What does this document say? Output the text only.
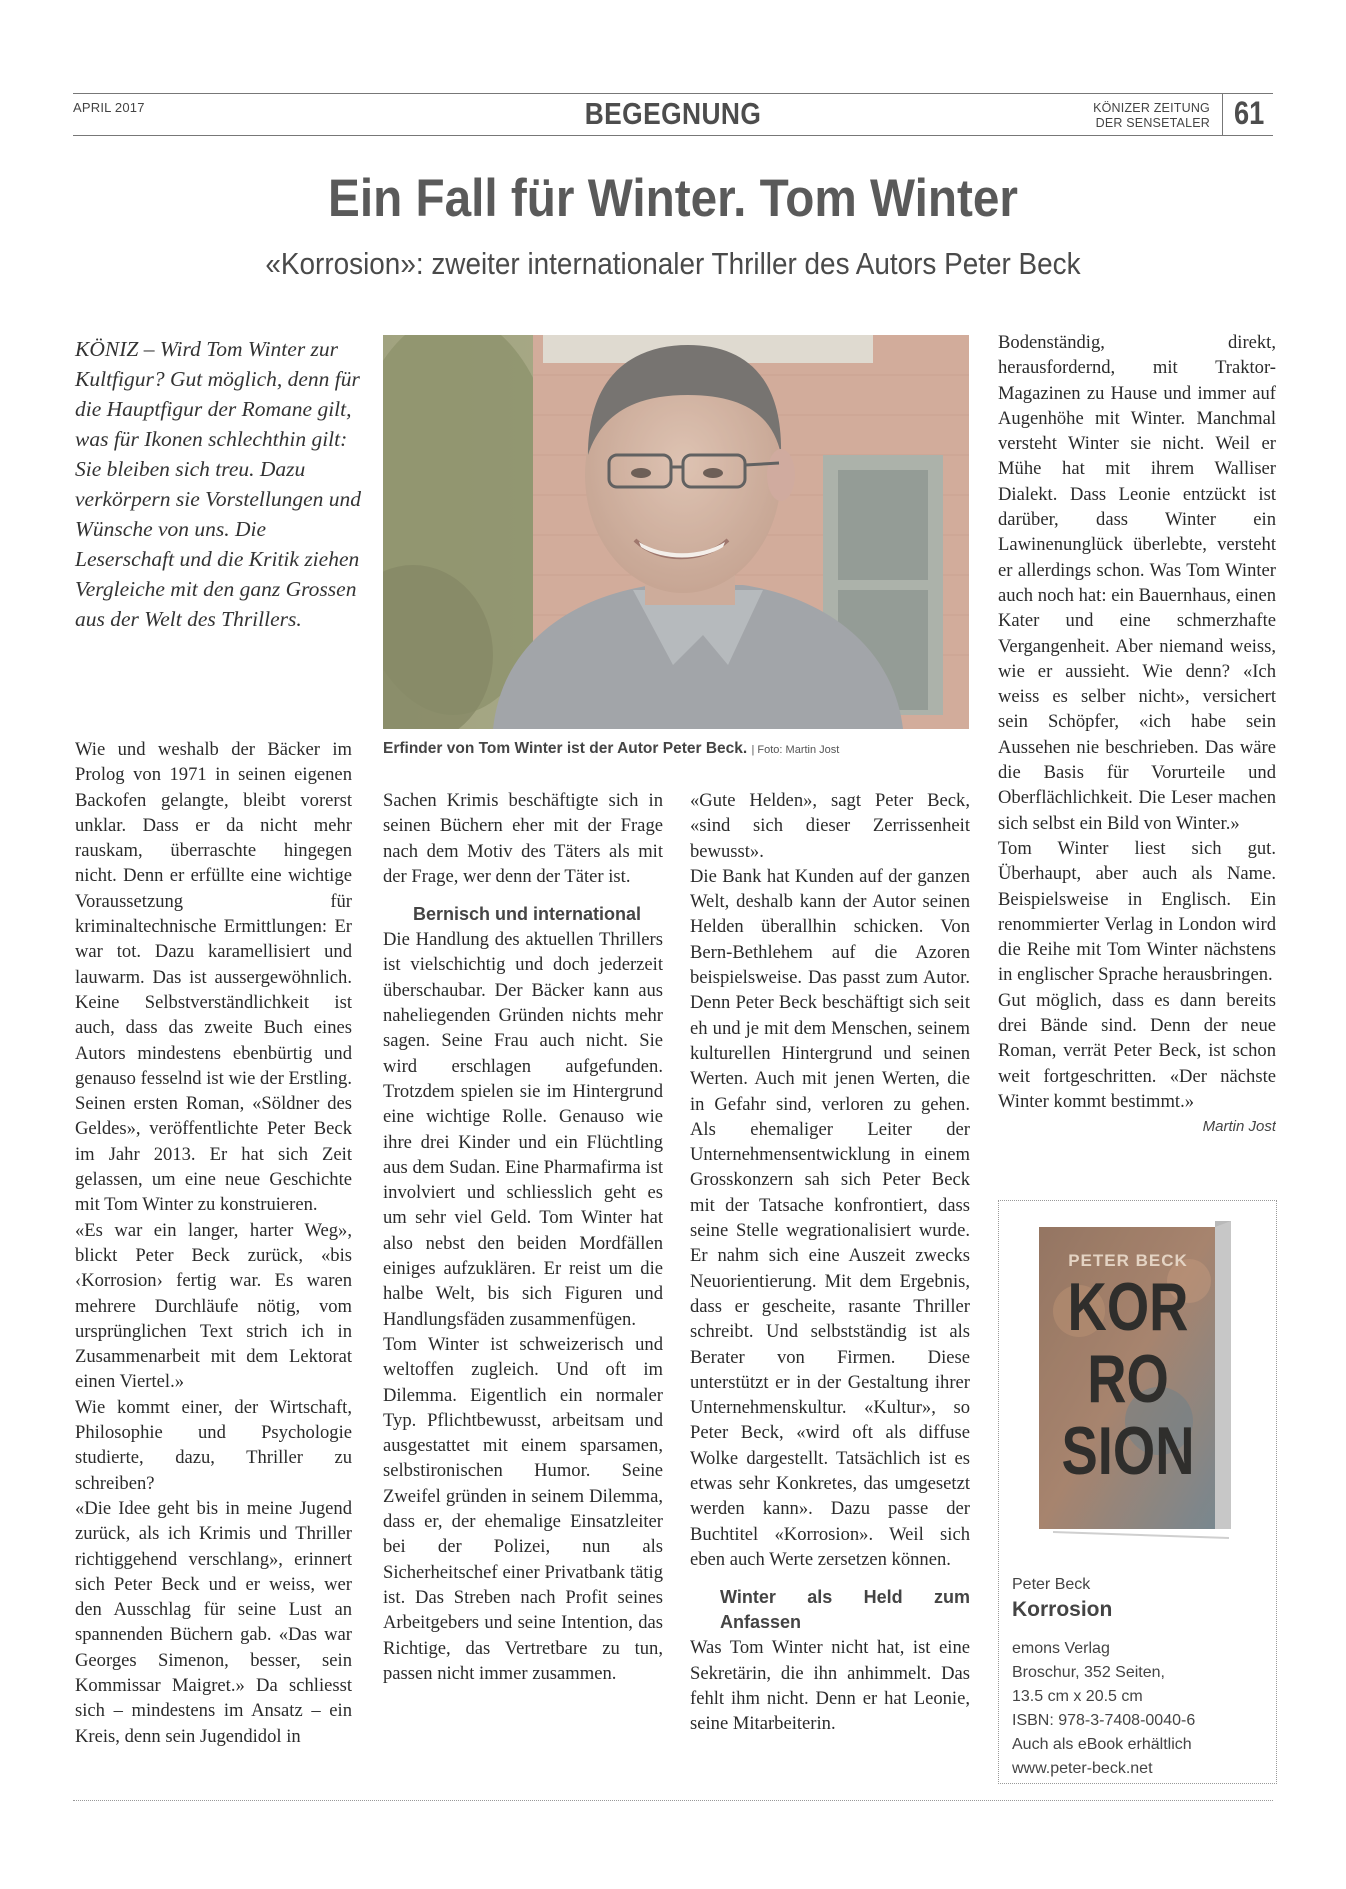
APRIL 2017	BEGEGNUNG	KÖNIZER ZEITUNG
DER SENSETALER 61
Ein Fall für Winter. Tom Winter
«Korrosion»: zweiter internationaler Thriller des Autors Peter Beck
KÖNIZ – Wird Tom Winter zur Kultfigur? Gut möglich, denn für die Hauptfigur der Romane gilt, was für Ikonen schlechthin gilt: Sie bleiben sich treu. Dazu verkörpern sie Vorstellungen und Wünsche von uns. Die Leserschaft und die Kritik ziehen Vergleiche mit den ganz Grossen aus der Welt des Thrillers.
Erfinder von Tom Winter ist der Autor Peter Beck. | Foto: Martin Jost

Wie und weshalb der Bäcker im Prolog von 1971 in seinen eigenen Backofen gelangte, bleibt vorerst unklar. Dass er da nicht mehr rauskam, überraschte hingegen nicht. Denn er erfüllte eine wichtige Voraussetzung für kriminaltechnische Ermittlungen: Er war tot. Dazu karamellisiert und lauwarm. Das ist aussergewöhnlich. Keine Selbstverständlichkeit ist auch, dass das zweite Buch eines Autors mindestens ebenbürtig und genauso fesselnd ist wie der Erstling. Seinen ersten Roman, «Söldner des Geldes», veröffentlichte Peter Beck im Jahr 2013. Er hat sich Zeit gelassen, um eine neue Geschichte mit Tom Winter zu konstruieren.

«Es war ein langer, harter Weg», blickt Peter Beck zurück, «bis ‹Korrosion› fertig war. Es waren mehrere Durchläufe nötig, vom ursprünglichen Text strich ich in Zusammenarbeit mit dem Lektorat einen Viertel.»

Wie kommt einer, der Wirtschaft, Philosophie und Psychologie studierte, dazu, Thriller zu schreiben?

«Die Idee geht bis in meine Jugend zurück, als ich Krimis und Thriller richtiggehend verschlang», erinnert sich Peter Beck und er weiss, wer den Ausschlag für seine Lust an spannenden Büchern gab. «Das war Georges Simenon, besser, sein Kommissar Maigret.» Da schliesst sich – mindestens im Ansatz – ein Kreis, denn sein Jugendidol in

Sachen Krimis beschäftigte sich in seinen Büchern eher mit der Frage nach dem Motiv des Täters als mit der Frage, wer denn der Täter ist.

Bernisch und international

Die Handlung des aktuellen Thrillers ist vielschichtig und doch jederzeit überschaubar. Der Bäcker kann aus naheliegenden Gründen nichts mehr sagen. Seine Frau auch nicht. Sie wird erschlagen aufgefunden. Trotzdem spielen sie im Hintergrund eine wichtige Rolle. Genauso wie ihre drei Kinder und ein Flüchtling aus dem Sudan. Eine Pharmafirma ist involviert und schliesslich geht es um sehr viel Geld. Tom Winter hat also nebst den beiden Mordfällen einiges aufzuklären. Er reist um die halbe Welt, bis sich Figuren und Handlungsfäden zusammenfügen.

Tom Winter ist schweizerisch und weltoffen zugleich. Und oft im Dilemma. Eigentlich ein normaler Typ. Pflichtbewusst, arbeitsam und ausgestattet mit einem sparsamen, selbstironischen Humor. Seine Zweifel gründen in seinem Dilemma, dass er, der ehemalige Einsatzleiter bei der Polizei, nun als Sicherheitschef einer Privatbank tätig ist. Das Streben nach Profit seines Arbeitgebers und seine Intention, das Richtige, das Vertretbare zu tun, passen nicht immer zusammen.

«Gute Helden», sagt Peter Beck, «sind sich dieser Zerrissenheit bewusst».

Die Bank hat Kunden auf der ganzen Welt, deshalb kann der Autor seinen Helden überallhin schicken. Von Bern-Bethlehem auf die Azoren beispielsweise. Das passt zum Autor. Denn Peter Beck beschäftigt sich seit eh und je mit dem Menschen, seinem kulturellen Hintergrund und seinen Werten. Auch mit jenen Werten, die in Gefahr sind, verloren zu gehen. Als ehemaliger Leiter der Unternehmensentwicklung in einem Grosskonzern sah sich Peter Beck mit der Tatsache konfrontiert, dass seine Stelle wegrationalisiert wurde. Er nahm sich eine Auszeit zwecks Neuorientierung. Mit dem Ergebnis, dass er gescheite, rasante Thriller schreibt. Und selbstständig ist als Berater von Firmen. Diese unterstützt er in der Gestaltung ihrer Unternehmenskultur. «Kultur», so Peter Beck, «wird oft als diffuse Wolke dargestellt. Tatsächlich ist es etwas sehr Konkretes, das umgesetzt werden kann». Dazu passe der Buchtitel «Korrosion». Weil sich eben auch Werte zersetzen können.

Winter als Held zum Anfassen

Was Tom Winter nicht hat, ist eine Sekretärin, die ihn anhimmelt. Das fehlt ihm nicht. Denn er hat Leonie, seine Mitarbeiterin.

Bodenständig, direkt, herausfordernd, mit Traktor-Magazinen zu Hause und immer auf Augenhöhe mit Winter. Manchmal versteht Winter sie nicht. Weil er Mühe hat mit ihrem Walliser Dialekt. Dass Leonie entzückt ist darüber, dass Winter ein Lawinenunglück überlebte, versteht er allerdings schon. Was Tom Winter auch noch hat: ein Bauernhaus, einen Kater und eine schmerzhafte Vergangenheit. Aber niemand weiss, wie er aussieht. Wie denn? «Ich weiss es selber nicht», versichert sein Schöpfer, «ich habe sein Aussehen nie beschrieben. Das wäre die Basis für Vorurteile und Oberflächlichkeit. Die Leser machen sich selbst ein Bild von Winter.»

Tom Winter liest sich gut. Überhaupt, aber auch als Name. Beispielsweise in Englisch. Ein renommierter Verlag in London wird die Reihe mit Tom Winter nächstens in englischer Sprache herausbringen.

Gut möglich, dass es dann bereits drei Bände sind. Denn der neue Roman, verrät Peter Beck, ist schon weit fortgeschritten. «Der nächste Winter kommt bestimmt.»

Martin Jost

PETER BECK
KOR
RO
SION
Peter Beck
Korrosion
emons Verlag
Broschur, 352 Seiten,
13.5 cm x 20.5 cm
ISBN: 978-3-7408-0040-6
Auch als eBook erhältlich
www.peter-beck.net
